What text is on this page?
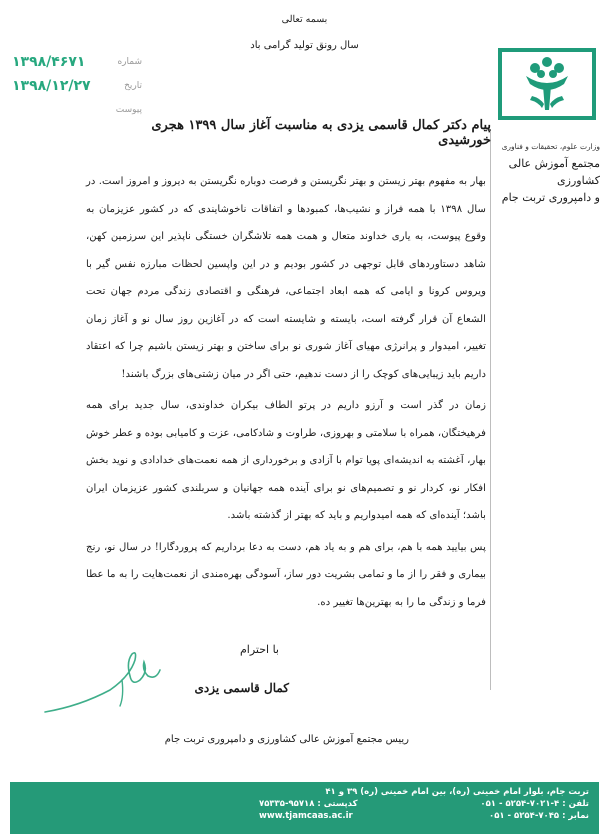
بسمه تعالی
سال رونق تولید گرامی باد
۱۳۹۸/۴۶۷۱	شماره
۱۳۹۸/۱۲/۲۷	تاریخ
پیوست
وزارت علوم، تحقیقات و فناوری
مجتمع آموزش عالی کشاورزی
و دامپروری تربت جام
پیام دکتر کمال قاسمی یزدی به مناسبت آغاز سال ۱۳۹۹ هجری خورشیدی

بهار به مفهوم بهتر زیستن و بهتر نگریستن و فرصت دوباره نگریستن به دیروز و امروز است. در سال ۱۳۹۸ با همه فراز و نشیب‌ها، کمبودها و اتفاقات ناخوشایندی که در کشور عزیزمان به وقوع پیوست، به یاری خداوند متعال و همت همه تلاشگران خستگی ناپذیر این سرزمین کهن، شاهد دستاوردهای قابل توجهی در کشور بودیم و در این واپسین لحظات مبارزه نفس گیر با ویروس کرونا و ایامی که همه ابعاد اجتماعی، فرهنگی و اقتصادی زندگی مردم جهان تحت الشعاع آن قرار گرفته است، بایسته و شایسته است که در آغازین روز سال نو و آغاز زمان تغییر، امیدوار و پرانرژی مهیای آغاز شوری نو برای ساختن و بهتر زیستن باشیم چرا که اعتقاد داریم باید زیبایی‌های کوچک را از دست ندهیم، حتی اگر در میان زشتی‌های بزرگ باشند!

زمان در گذر است و آرزو داریم در پرتو الطاف بیکران خداوندی، سال جدید برای همه فرهیختگان، همراه با سلامتی و بهروزی، طراوت و شادکامی، عزت و کامیابی بوده و عطر خوش بهار، آغشته به اندیشه‌ای پویا توام با آزادی و برخورداری از همه نعمت‌های خدادادی و نوید بخش افکار نو، کردار نو و تصمیم‌های نو برای آینده همه جهانیان و سربلندی کشور عزیزمان ایران باشد؛ آینده‌ای که همه امیدواریم و باید که بهتر از گذشته باشد.

پس بیایید همه با هم، برای هم و به یاد هم، دست به دعا برداریم که پروردگارا! در سال نو، رنج بیماری و فقر را از ما و تمامی بشریت دور ساز، آسودگی بهره‌مندی از نعمت‌هایت را به ما عطا فرما و زندگی ما را به بهترین‌ها تغییر ده.

با احترام
کمال قاسمی یزدی
رییس مجتمع آموزش عالی کشاورزی و دامپروری تربت جام
تربت جام، بلوار امام خمینی (ره)، بین امام خمینی (ره) ۳۹ و ۴۱
تلفن : ۴-۷۰۲۱-۵۲۵۴ - ۰۵۱
کدپستی : ۹۵۷۱۸-۷۵۳۳۵
نمابر : ۷۰۴۵-۵۲۵۴ - ۰۵۱
www.tjamcaas.ac.ir
